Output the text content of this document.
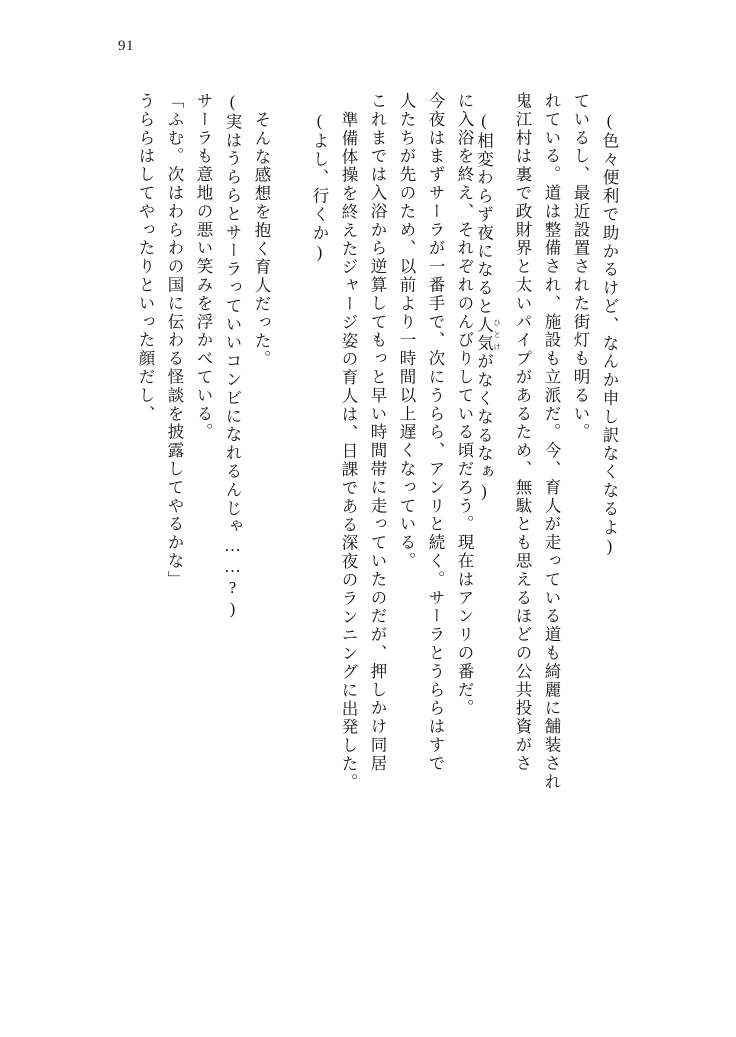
91
うららはしてやったりといった顔だし、 「ふむ。次はわらわの国に伝わる怪談を披露してやるかな」 サーラも意地の悪い笑みを浮かべている。 (実はうららとサーラっていいコンビになれるんじゃ……?) そんな感想を抱く育人だった。	(よし、行くか) 準備体操を終えたジャージ姿の育人は、日課である深夜のランニングに出発した。 これまでは入浴から逆算してもっと早い時間帯に走っていたのだが、押しかけ同居 人たちが先のため、以前より一時間以上遅くなっている。 今夜はまずサーラが一番手で、次にうらら、アンリと続く。サーラとうららはすで に入浴を終え、それぞれのんびりしている頃だろう。現在はアンリの番だ。 (相変わらず夜になると人気 ひとけがなくなるなぁ)	鬼江村は裏で政財界と太いパイプがあるため、無駄とも思えるほどの公共投資がさ れている。道は整備され、施設も立派だ。今、育人が走っている道も綺麗に舗装され ているし、最近設置された街灯も明るい。 (色々便利で助かるけど、なんか申し訳なくなるよ)
